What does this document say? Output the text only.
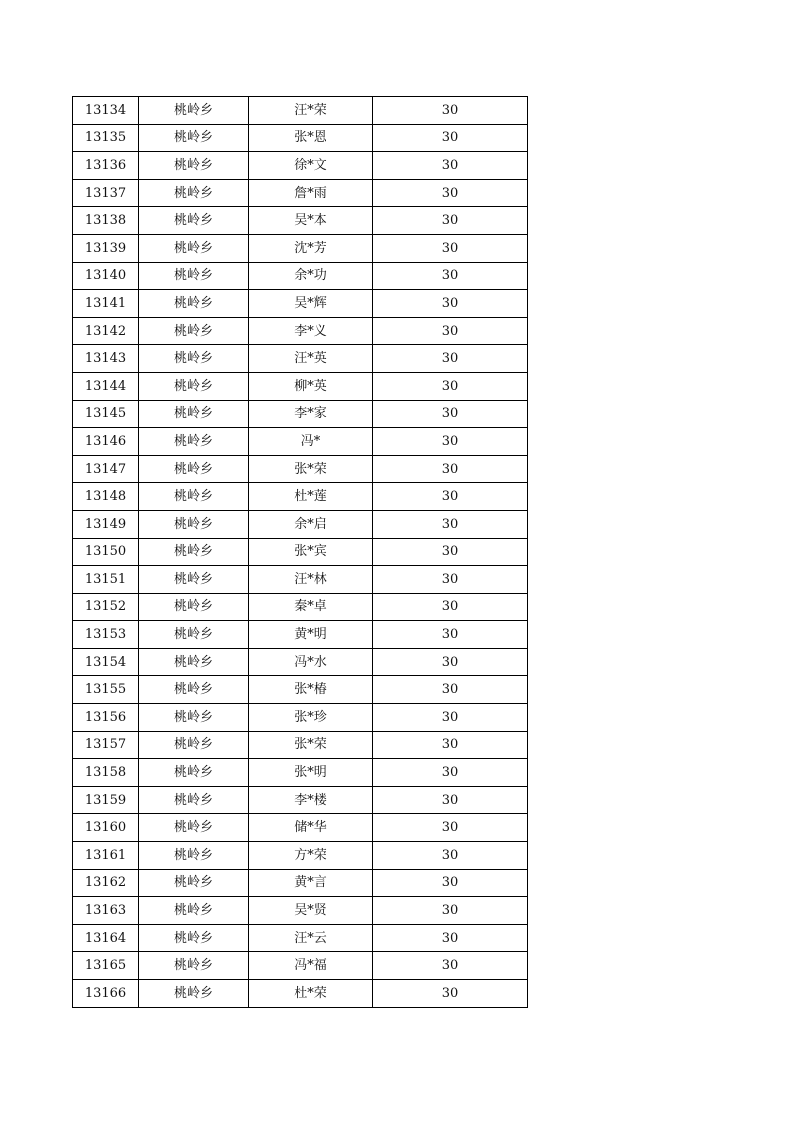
13134	桃岭乡	汪*荣	30
13135	桃岭乡	张*恩	30
13136	桃岭乡	徐*文	30
13137	桃岭乡	詹*雨	30
13138	桃岭乡	吴*本	30
13139	桃岭乡	沈*芳	30
13140	桃岭乡	余*功	30
13141	桃岭乡	吴*辉	30
13142	桃岭乡	李*义	30
13143	桃岭乡	汪*英	30
13144	桃岭乡	柳*英	30
13145	桃岭乡	李*家	30
13146	桃岭乡	冯*	30
13147	桃岭乡	张*荣	30
13148	桃岭乡	杜*莲	30
13149	桃岭乡	余*启	30
13150	桃岭乡	张*宾	30
13151	桃岭乡	汪*林	30
13152	桃岭乡	秦*卓	30
13153	桃岭乡	黄*明	30
13154	桃岭乡	冯*水	30
13155	桃岭乡	张*椿	30
13156	桃岭乡	张*珍	30
13157	桃岭乡	张*荣	30
13158	桃岭乡	张*明	30
13159	桃岭乡	李*楼	30
13160	桃岭乡	储*华	30
13161	桃岭乡	方*荣	30
13162	桃岭乡	黄*言	30
13163	桃岭乡	吴*贤	30
13164	桃岭乡	汪*云	30
13165	桃岭乡	冯*福	30
13166	桃岭乡	杜*荣	30
